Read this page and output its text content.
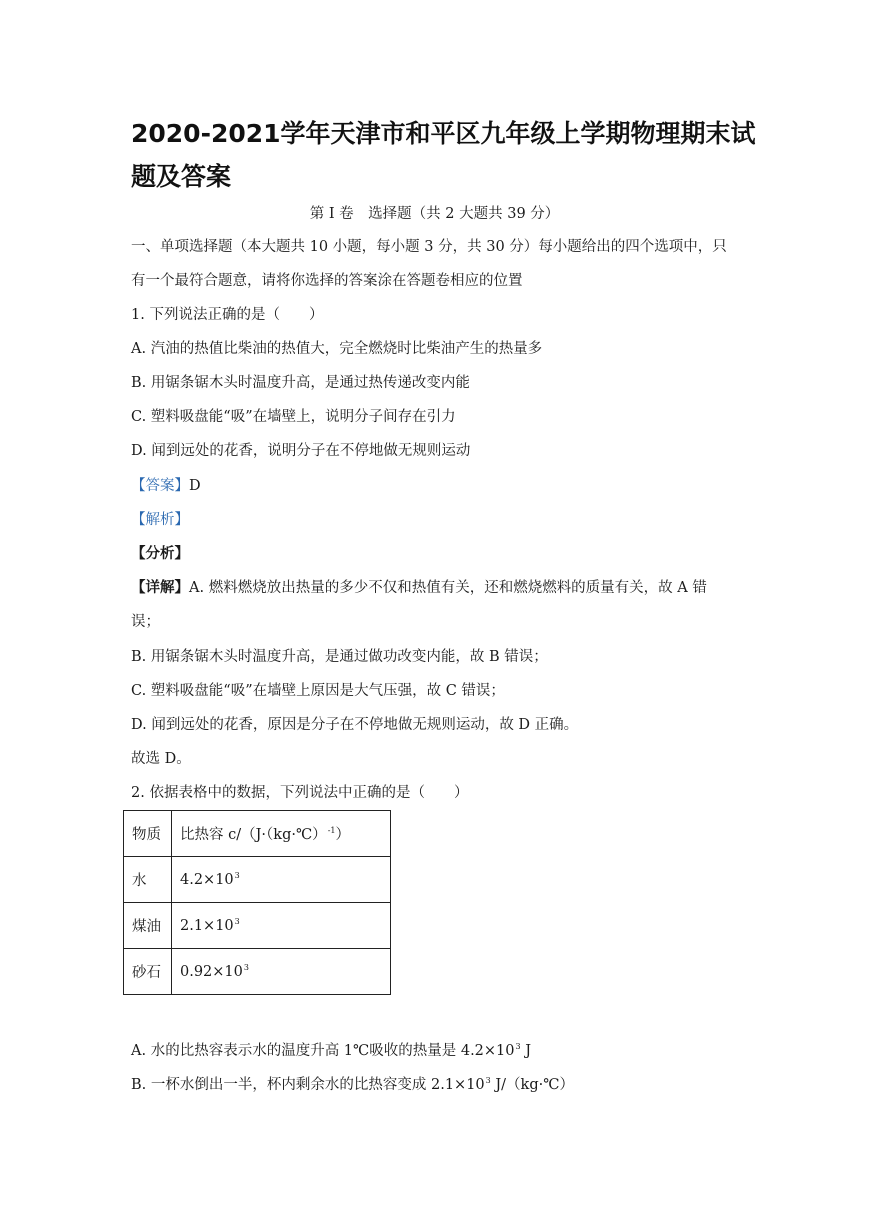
2020-2021学年天津市和平区九年级上学期物理期末试题及答案
第 Ⅰ 卷　选择题（共 2 大题共 39 分）
一、单项选择题（本大题共 10 小题，每小题 3 分，共 30 分）每小题给出的四个选项中，只
有一个最符合题意，请将你选择的答案涂在答题卷相应的位置
1. 下列说法正确的是（　　）
A. 汽油的热值比柴油的热值大，完全燃烧时比柴油产生的热量多
B. 用锯条锯木头时温度升高，是通过热传递改变内能
C. 塑料吸盘能“吸”在墙壁上，说明分子间存在引力
D. 闻到远处的花香，说明分子在不停地做无规则运动
【答案】D
【解析】
【分析】
【详解】A. 燃料燃烧放出热量的多少不仅和热值有关，还和燃烧燃料的质量有关，故 A 错
误；
B. 用锯条锯木头时温度升高，是通过做功改变内能，故 B 错误；
C. 塑料吸盘能“吸”在墙壁上原因是大气压强，故 C 错误；
D. 闻到远处的花香，原因是分子在不停地做无规则运动，故 D 正确。
故选 D。
2. 依据表格中的数据，下列说法中正确的是（　　）
物质	比热容 c/（J·（kg·℃）$^{-1}$）
水	$4.2\times 10^3$
煤油	$2.1\times 10^3$
砂石	$0.92\times 10^3$
A. 水的比热容表示水的温度升高 1℃吸收的热量是 $4.2\times 10^3$ J
B. 一杯水倒出一半，杯内剩余水的比热容变成 $2.1\times 10^3$ J/（kg·℃）
